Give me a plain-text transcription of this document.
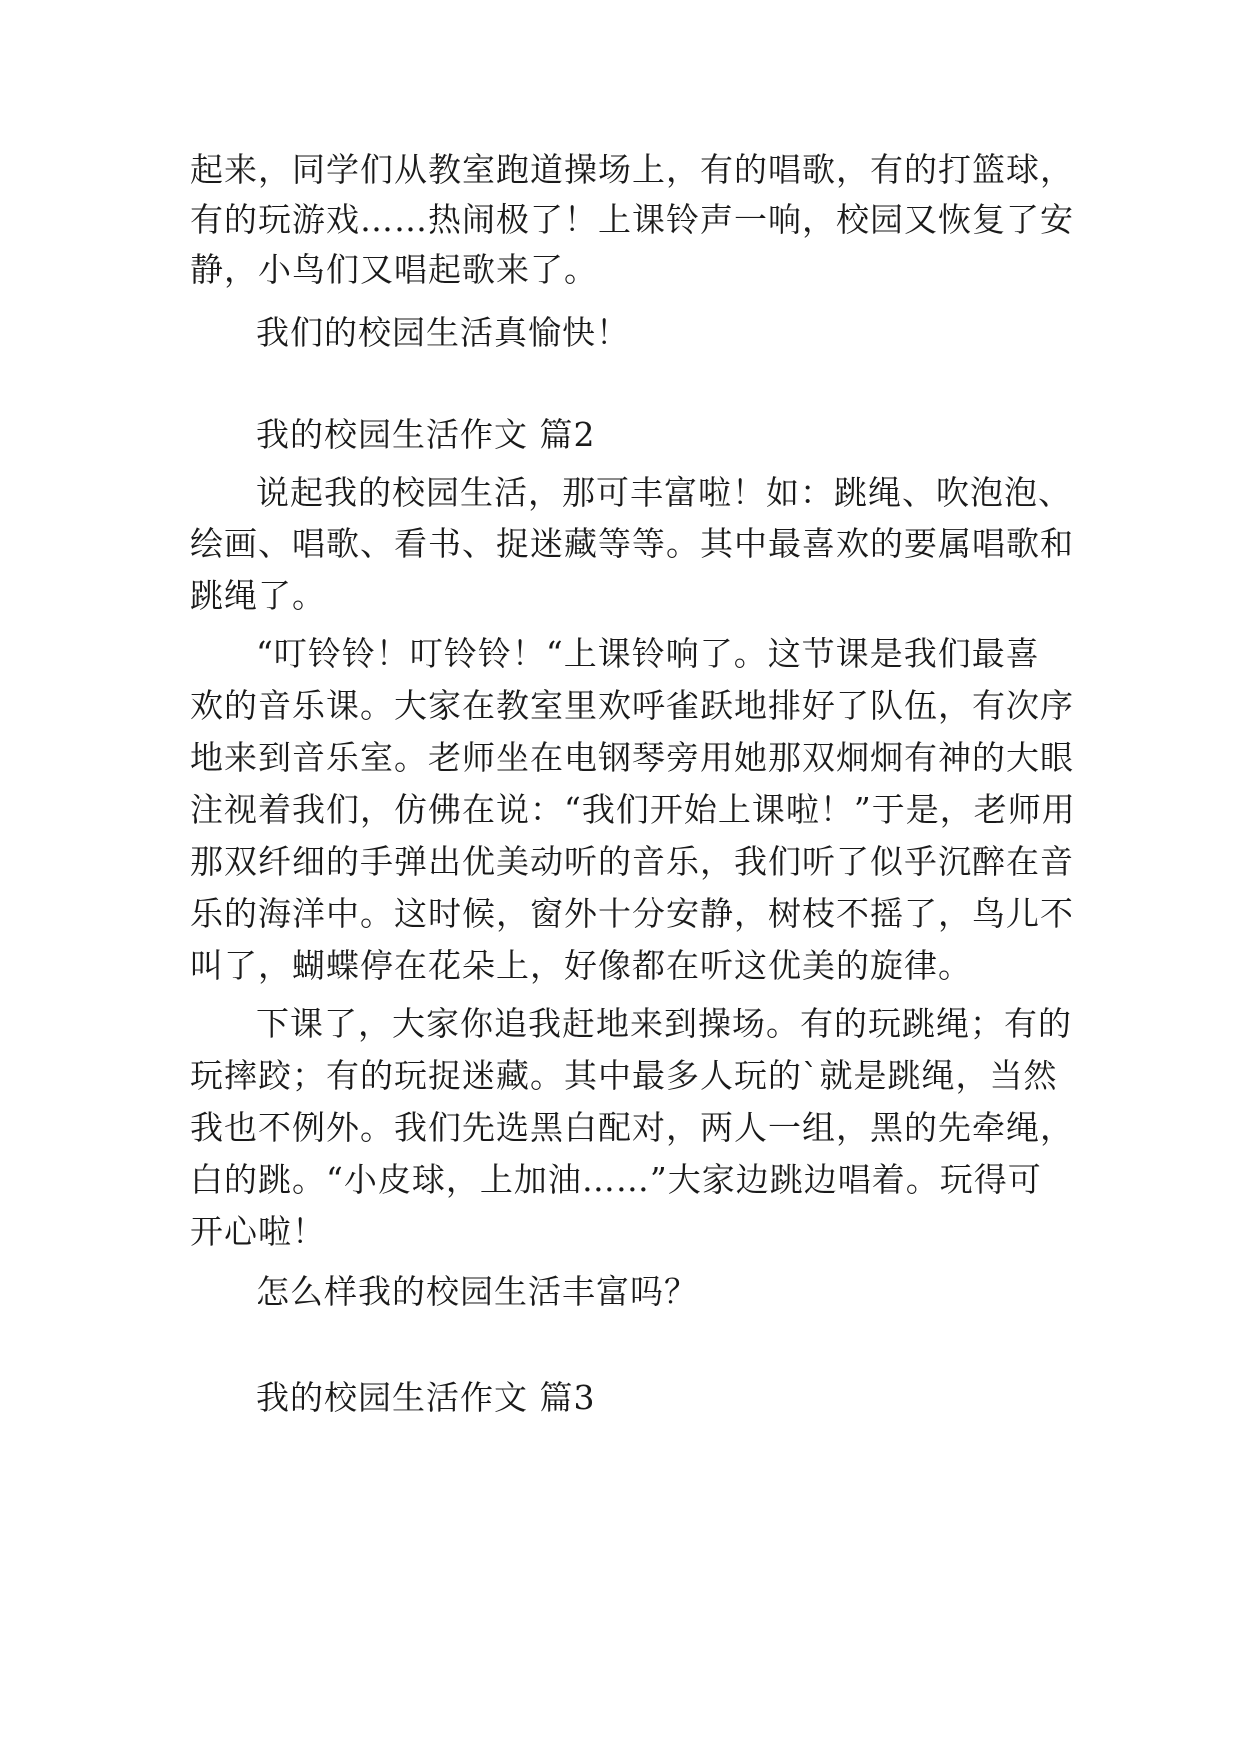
起来，同学们从教室跑道操场上，有的唱歌，有的打篮球，
有的玩游戏……热闹极了！上课铃声一响，校园又恢复了安
静，小鸟们又唱起歌来了。
我们的校园生活真愉快！
我的校园生活作文 篇2
说起我的校园生活，那可丰富啦！如：跳绳、吹泡泡、
绘画、唱歌、看书、捉迷藏等等。其中最喜欢的要属唱歌和
跳绳了。
“叮铃铃！叮铃铃！“上课铃响了。这节课是我们最喜
欢的音乐课。大家在教室里欢呼雀跃地排好了队伍，有次序
地来到音乐室。老师坐在电钢琴旁用她那双炯炯有神的大眼
注视着我们，仿佛在说：“我们开始上课啦！”于是，老师用
那双纤细的手弹出优美动听的音乐，我们听了似乎沉醉在音
乐的海洋中。这时候，窗外十分安静，树枝不摇了，鸟儿不
叫了，蝴蝶停在花朵上，好像都在听这优美的旋律。
下课了，大家你追我赶地来到操场。有的玩跳绳；有的
玩摔跤；有的玩捉迷藏。其中最多人玩的`就是跳绳，当然
我也不例外。我们先选黑白配对，两人一组，黑的先牵绳，
白的跳。“小皮球，上加油……”大家边跳边唱着。玩得可
开心啦！
怎么样我的校园生活丰富吗？
我的校园生活作文 篇3
